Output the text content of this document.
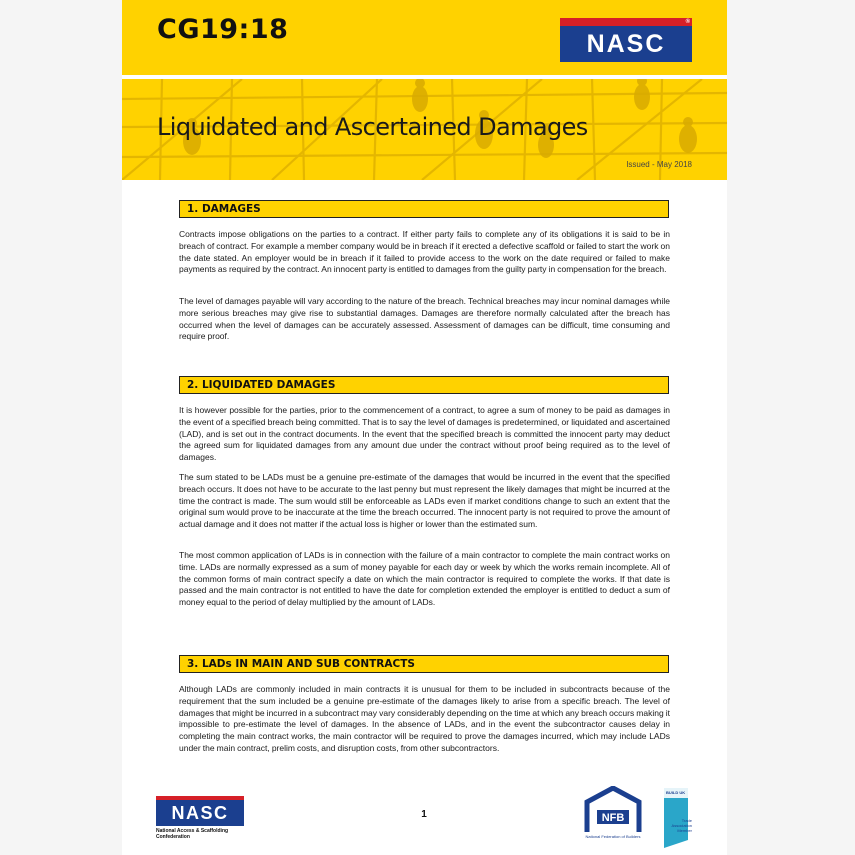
CG19:18	NASC
®
Liquidated and Ascertained Damages
Issued - May 2018
1. DAMAGES

Contracts impose obligations on the parties to a contract. If either party fails to complete any of its obligations it is said to be in breach of contract. For example a member company would be in breach if it erected a defective scaffold or failed to start the work on the date stated. An employer would be in breach if it failed to provide access to the work on the date required or failed to make payments as required by the contract. An innocent party is entitled to damages from the guilty party in compensation for the breach.

The level of damages payable will vary according to the nature of the breach. Technical breaches may incur nominal damages while more serious breaches may give rise to substantial damages. Damages are therefore normally calculated after the breach has occurred when the level of damages can be accurately assessed. Assessment of damages can be difficult, time consuming and require proof.

2. LIQUIDATED DAMAGES

It is however possible for the parties, prior to the commencement of a contract, to agree a sum of money to be paid as damages in the event of a specified breach being committed. That is to say the level of damages is predetermined, or liquidated and ascertained (LAD), and is set out in the contract documents. In the event that the specified breach is committed the innocent party may deduct the agreed sum for liquidated damages from any amount due under the contract without proof being required as to the level of damages.

The sum stated to be LADs must be a genuine pre-estimate of the damages that would be incurred in the event that the specified breach occurs. It does not have to be accurate to the last penny but must represent the likely damages that might be incurred at the time the contract is made. The sum would still be enforceable as LADs even if market conditions change to such an extent that the original sum would prove to be inaccurate at the time the breach occurred. The innocent party is not required to prove the amount of actual damage and it does not matter if the actual loss is higher or lower than the estimated sum.

The most common application of LADs is in connection with the failure of a main contractor to complete the main contract works on time. LADs are normally expressed as a sum of money payable for each day or week by which the works remain incomplete. All of the common forms of main contract specify a date on which the main contractor is required to complete the works. If that date is passed and the main contractor is not entitled to have the date for completion extended the employer is entitled to deduct a sum of money equal to the period of delay multiplied by the amount of LADs.

3. LADs IN MAIN AND SUB CONTRACTS

Although LADs are commonly included in main contracts it is unusual for them to be included in subcontracts because of the requirement that the sum included be a genuine pre-estimate of the damages likely to arise from a specific breach. The level of damages that might be incurred in a subcontract may vary considerably depending on the time at which any breach occurs making it impossible to pre-estimate the level of damages. In the absence of LADs, and in the event the subcontractor causes delay in completing the main contract works, the main contractor will be required to prove the damages incurred, which may include LADs under the main contract, prelim costs, and disruption costs, from other subcontractors.

NASC
National Access & Scaffolding
Confederation
1	NFB
National Federation of Builders
BUILD UK
Trade
Association
Member
